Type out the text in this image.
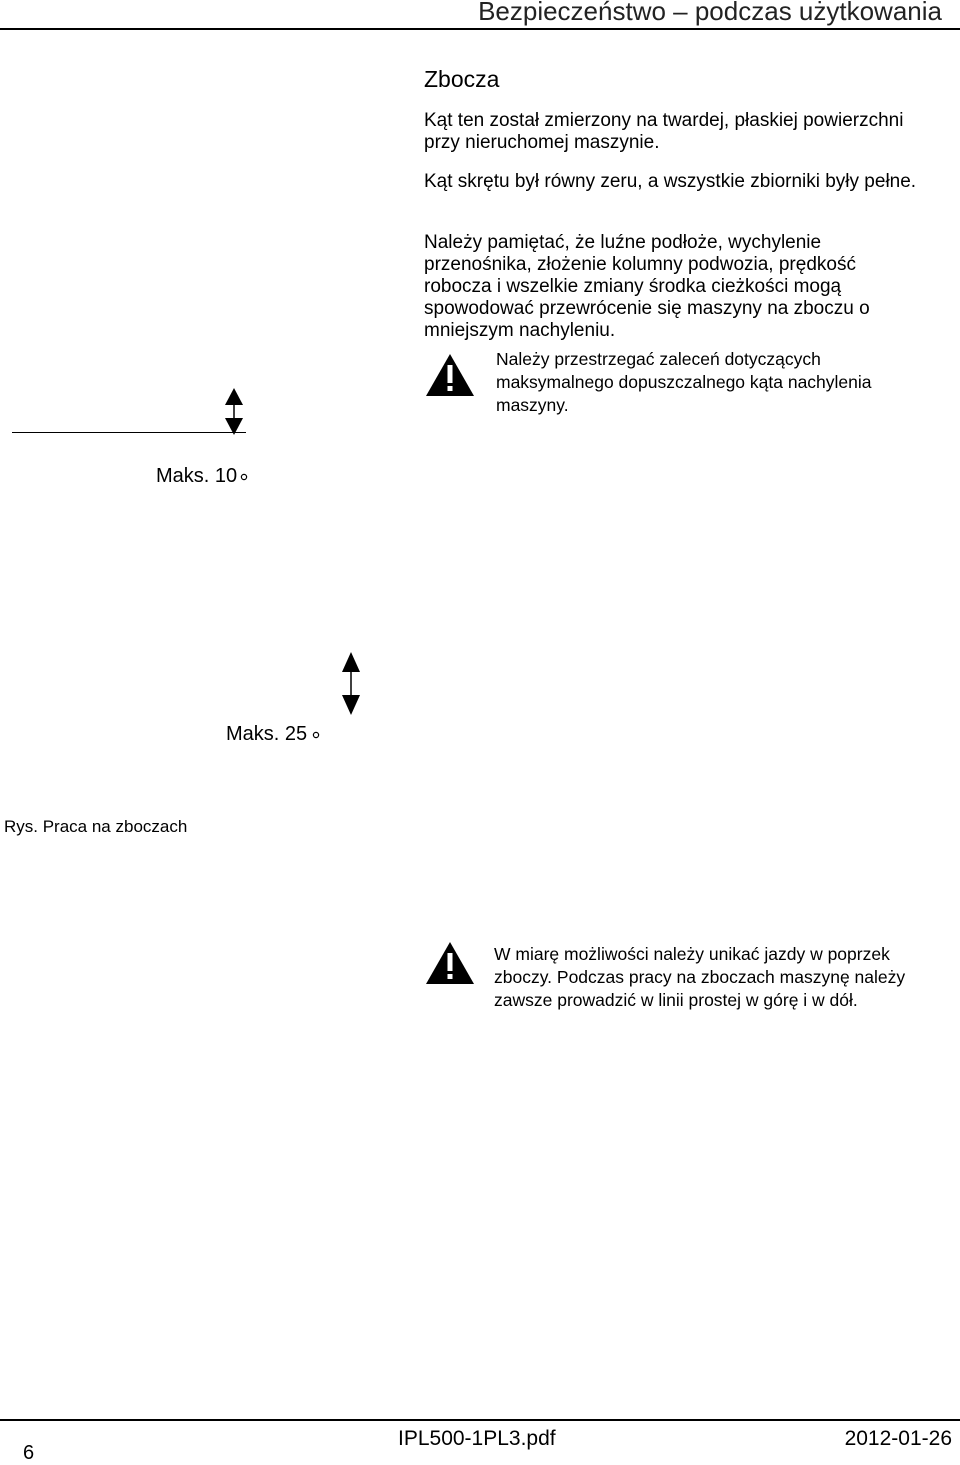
Bezpieczeństwo – podczas użytkowania
Zbocza
Kąt ten został zmierzony na twardej, płaskiej powierzchni przy nieruchomej maszynie.
Kąt skrętu był równy zeru, a wszystkie zbiorniki były pełne.
Należy pamiętać, że luźne podłoże, wychylenie przenośnika, złożenie kolumny podwozia, prędkość robocza i wszelkie zmiany środka cieżkości mogą spowodować przewrócenie się maszyny na zboczu o mniejszym nachyleniu.
Należy przestrzegać zaleceń dotyczących maksymalnego dopuszczalnego kąta nachylenia maszyny.
Maks. 10
Maks. 25
Rys. Praca na zboczach
W miarę możliwości należy unikać jazdy w poprzek zboczy. Podczas pracy na zboczach maszynę należy zawsze prowadzić w linii prostej w górę i w dół.
6
IPL500-1PL3.pdf	2012-01-26
